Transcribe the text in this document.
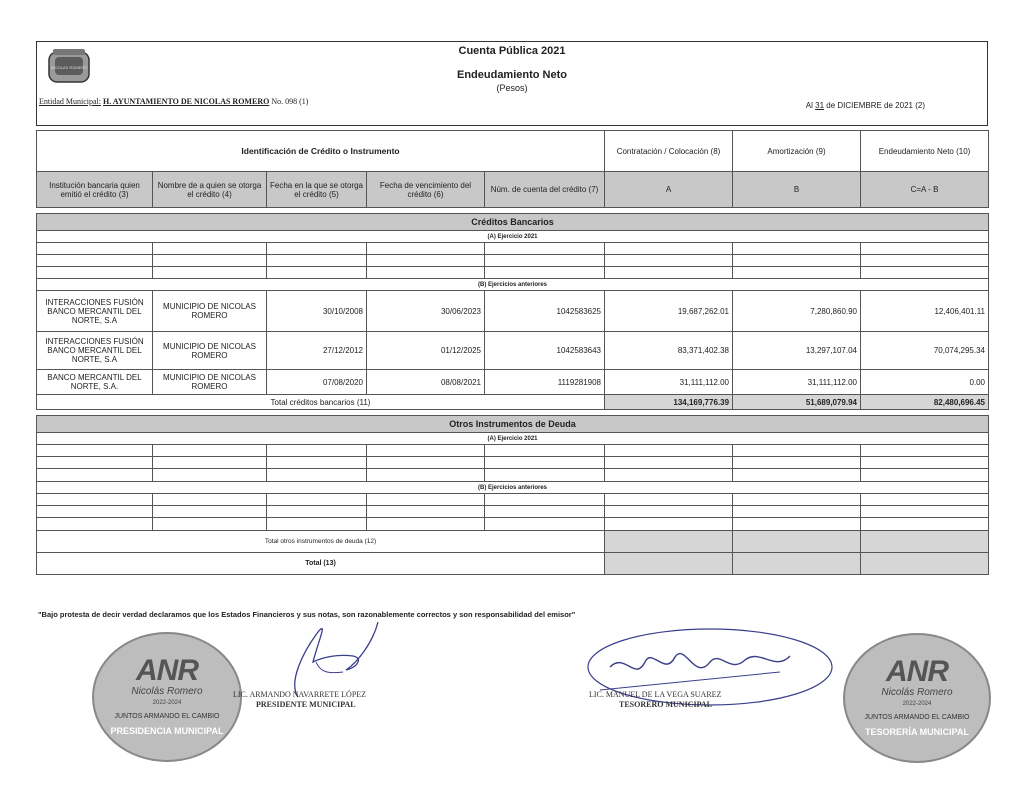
NICOLAS ROMERO
Cuenta Pública 2021
Endeudamiento Neto
(Pesos)
Entidad Municipal: H. AYUNTAMIENTO DE NICOLAS ROMERO No. 098 (1)	Al 31 de DICIEMBRE de 2021 (2)
Identificación de Crédito o Instrumento					Contratación / Colocación (8)	Amortización (9)	Endeudamiento Neto (10)
Institución bancaria quien emitió el crédito (3)	Nombre de a quien se otorga el crédito (4)	Fecha en la que se otorga el crédito (5)	Fecha de vencimiento del crédito (6)	Núm. de cuenta del crédito (7)	A	B	C=A - B

Créditos Bancarios							
(A) Ejercicio 2021							

(B) Ejercicios anteriores							
INTERACCIONES FUSIÓN BANCO MERCANTIL DEL NORTE, S.A	MUNICIPIO DE NICOLAS ROMERO	30/10/2008	30/06/2023	1042583625	19,687,262.01	7,280,860.90	12,406,401.11
INTERACCIONES FUSIÓN BANCO MERCANTIL DEL NORTE, S.A	MUNICIPIO DE NICOLAS ROMERO	27/12/2012	01/12/2025	1042583643	83,371,402.38	13,297,107.04	70,074,295.34
BANCO MERCANTIL DEL NORTE, S.A.	MUNICIPIO DE NICOLAS ROMERO	07/08/2020	08/08/2021	1119281908	31,111,112.00	31,111,112.00	0.00
Total créditos bancarios (11)					134,169,776.39	51,689,079.94	82,480,696.45

Otros Instrumentos de Deuda							
(A) Ejercicio 2021							

(B) Ejercicios anteriores							

Total otros instrumentos de deuda (12)							
Total (13)							
"Bajo protesta de decir verdad declaramos que los Estados Financieros y sus notas, son razonablemente correctos y son responsabilidad del emisor"
ANR
Nicolás Romero
2022-2024
JUNTOS ARMANDO EL CAMBIO
PRESIDENCIA MUNICIPAL
ANR
Nicolás Romero
2022-2024
JUNTOS ARMANDO EL CAMBIO
TESORERÍA MUNICIPAL
LIC. ARMANDO NAVARRETE LÓPEZ
PRESIDENTE MUNICIPAL
LIC. MANUEL DE LA VEGA SUAREZ
TESORERO MUNICIPAL
